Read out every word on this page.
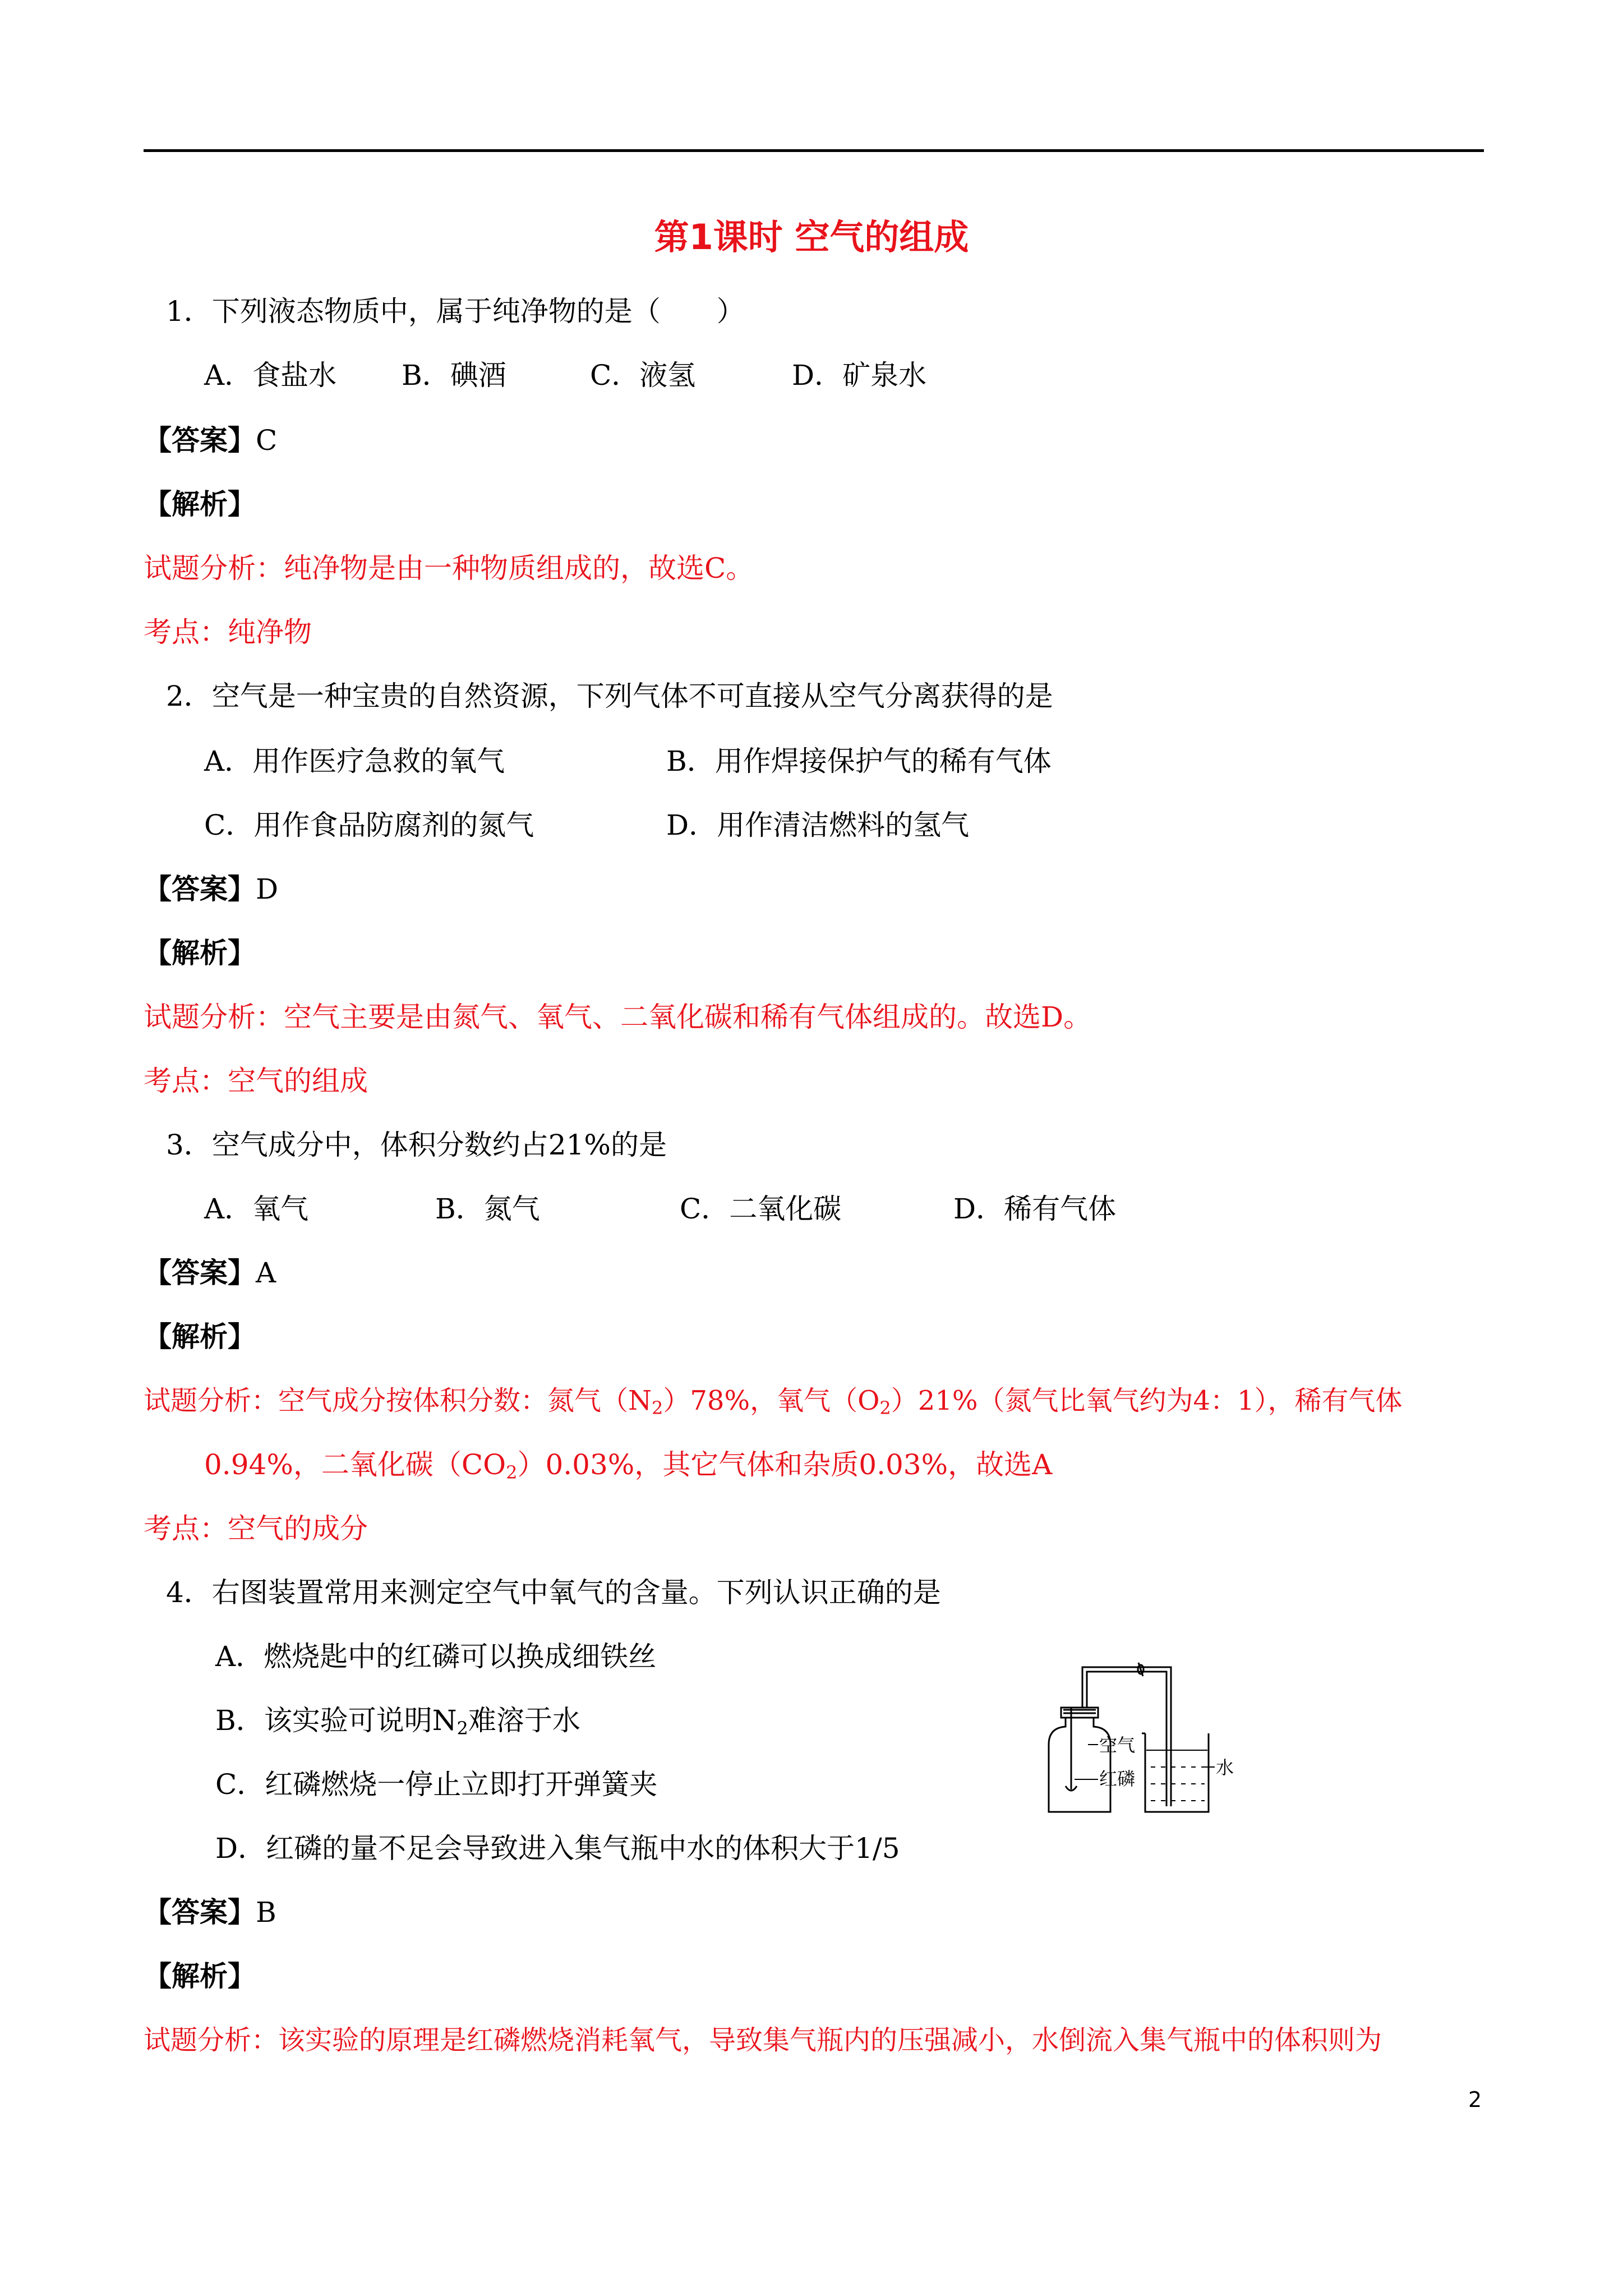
第1课时 空气的组成
1．下列液态物质中，属于纯净物的是（　　）
A．食盐水 B．碘酒	C．液氢	D．矿泉水
【答案】C
【解析】
试题分析：纯净物是由一种物质组成的，故选C。
考点：纯净物
2．空气是一种宝贵的自然资源，下列气体不可直接从空气分离获得的是
A．用作医疗急救的氧气	B．用作焊接保护气的稀有气体
C．用作食品防腐剂的氮气	D．用作清洁燃料的氢气
【答案】D
【解析】
试题分析：空气主要是由氮气、氧气、二氧化碳和稀有气体组成的。故选D。
考点：空气的组成
3．空气成分中，体积分数约占21%的是
A．氧气	B．氮气	C．二氧化碳	D．稀有气体
【答案】A
【解析】
试题分析：空气成分按体积分数：氮气$(N_2)78\%$，氧气$(O_2)21\%$（氮气比氧气约为4：1），稀有气体
0.94%，二氧化碳$(CO_2)0.03\%$，其它气体和杂质0.03%，故选A
考点：空气的成分
4．右图装置常用来测定空气中氧气的含量。下列认识正确的是
A．燃烧匙中的红磷可以换成细铁丝
B．该实验可说明$N_2$难溶于水
C．红磷燃烧一停止立即打开弹簧夹
D．红磷的量不足会导致进入集气瓶中水的体积大于1/5
空气
红磷
水
【答案】B
【解析】
试题分析：该实验的原理是红磷燃烧消耗氧气，导致集气瓶内的压强减小，水倒流入集气瓶中的体积则为
2
